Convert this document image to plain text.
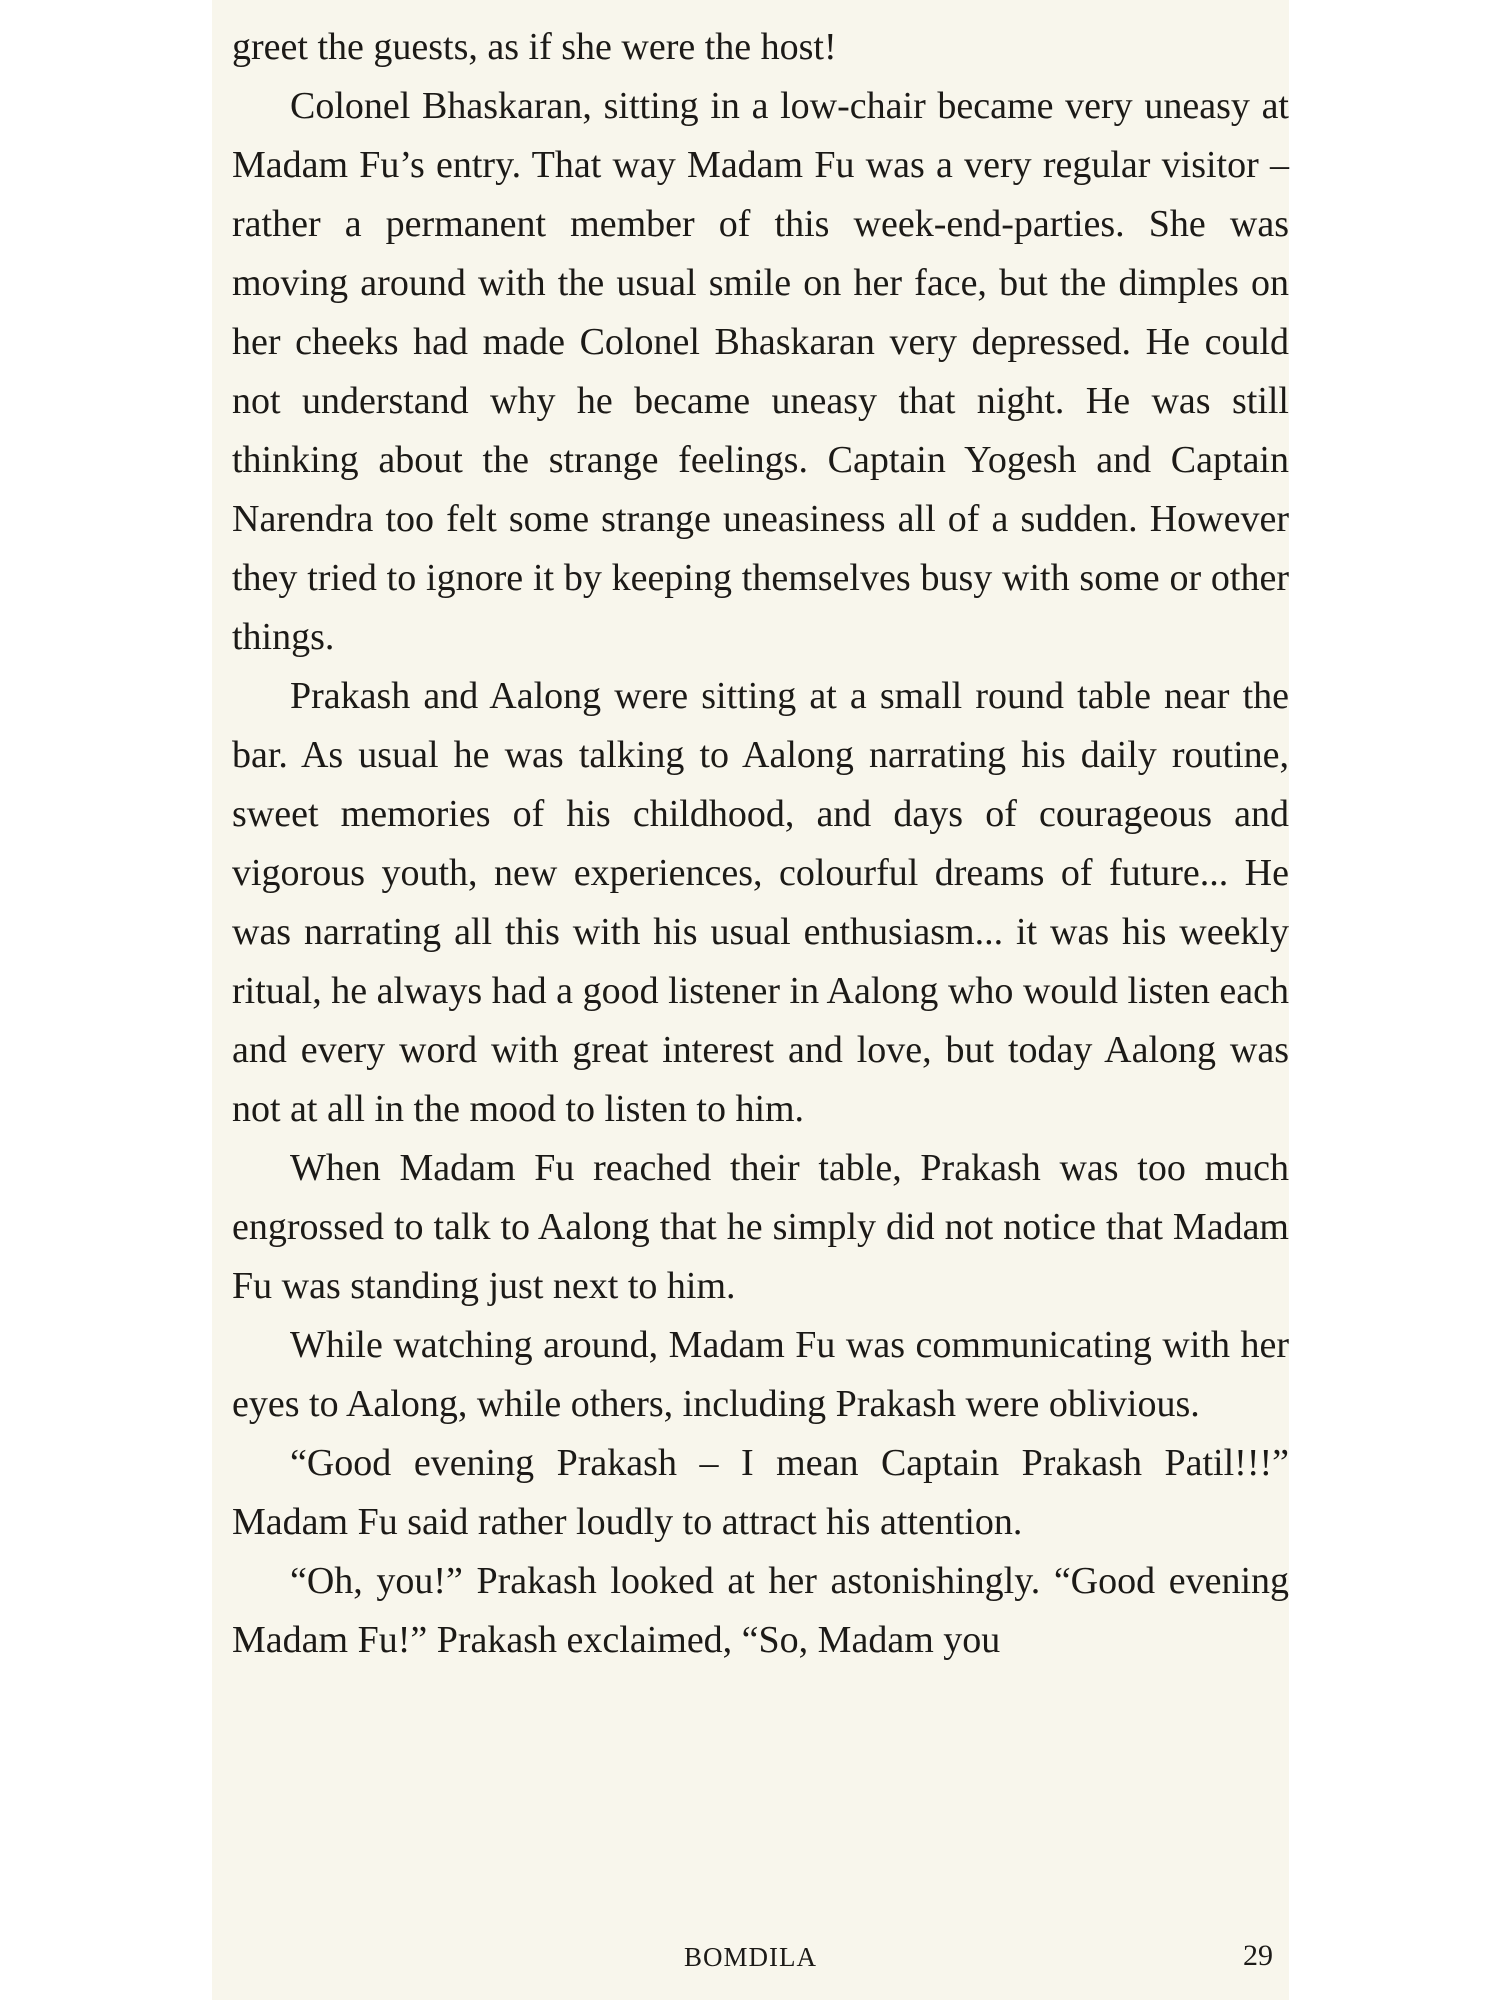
greet the guests, as if she were the host!

Colonel Bhaskaran, sitting in a low-chair became very uneasy at Madam Fu’s entry. That way Madam Fu was a very regular visitor – rather a permanent member of this week-end-parties. She was moving around with the usual smile on her face, but the dimples on her cheeks had made Colonel Bhaskaran very depressed. He could not understand why he became uneasy that night. He was still thinking about the strange feelings. Captain Yogesh and Captain Narendra too felt some strange uneasiness all of a sudden. However they tried to ignore it by keeping themselves busy with some or other things.

Prakash and Aalong were sitting at a small round table near the bar. As usual he was talking to Aalong narrating his daily routine, sweet memories of his childhood, and days of courageous and vigorous youth, new experiences, colourful dreams of future... He was narrating all this with his usual enthusiasm... it was his weekly ritual, he always had a good listener in Aalong who would listen each and every word with great interest and love, but today Aalong was not at all in the mood to listen to him.

When Madam Fu reached their table, Prakash was too much engrossed to talk to Aalong that he simply did not notice that Madam Fu was standing just next to him.

While watching around, Madam Fu was communicating with her eyes to Aalong, while others, including Prakash were oblivious.

“Good evening Prakash – I mean Captain Prakash Patil!!!” Madam Fu said rather loudly to attract his attention.

“Oh, you!” Prakash looked at her astonishingly. “Good evening Madam Fu!” Prakash exclaimed, “So, Madam you

BOMDILA	29
